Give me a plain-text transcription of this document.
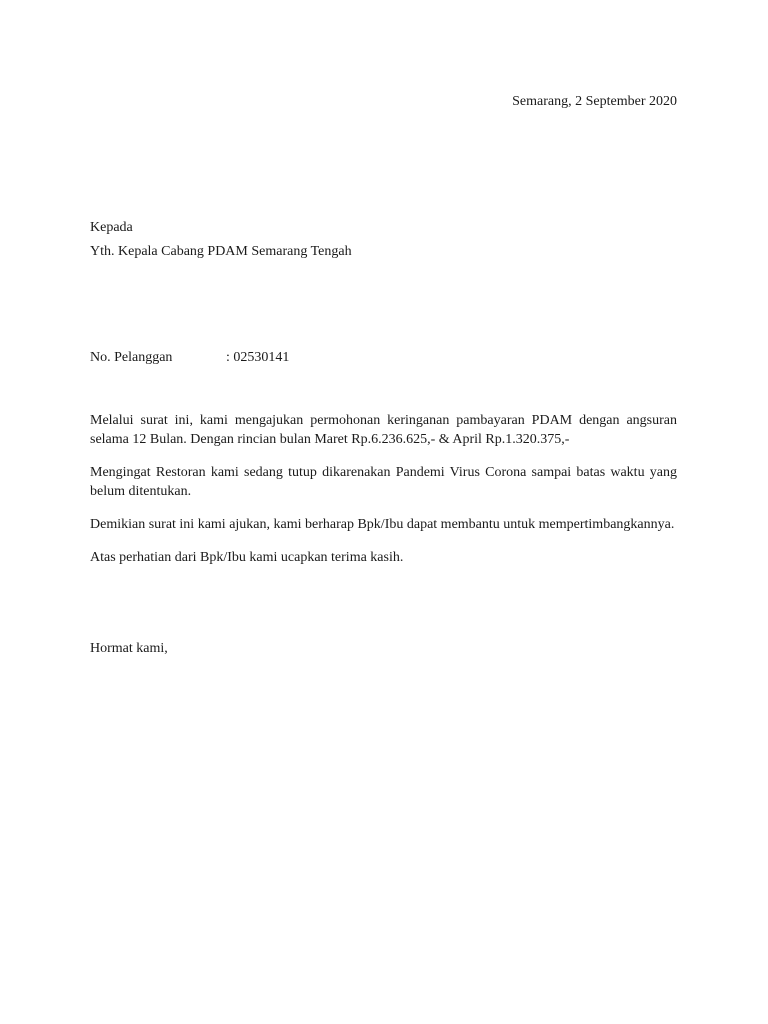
Semarang, 2 September 2020
Kepada
Yth. Kepala Cabang PDAM Semarang Tengah
No. Pelanggan	: 02530141

Melalui surat ini, kami mengajukan permohonan keringanan pambayaran PDAM dengan angsuran selama 12 Bulan. Dengan rincian bulan Maret Rp.6.236.625,- & April Rp.1.320.375,-

Mengingat Restoran kami sedang tutup dikarenakan Pandemi Virus Corona sampai batas waktu yang belum ditentukan.

Demikian surat ini kami ajukan, kami berharap Bpk/Ibu dapat membantu untuk mempertimbangkannya.

Atas perhatian dari Bpk/Ibu kami ucapkan terima kasih.

Hormat kami,
